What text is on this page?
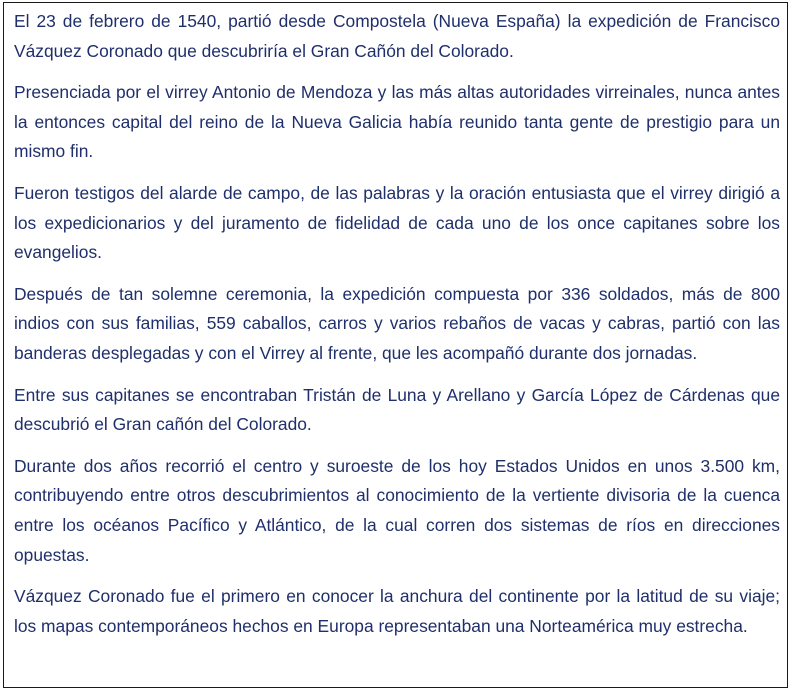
El 23 de febrero de 1540, partió desde Compostela (Nueva España) la expedición de Francisco Vázquez Coronado que descubriría el Gran Cañón del Colorado.

Presenciada por el virrey Antonio de Mendoza y las más altas autoridades virreinales, nunca antes la entonces capital del reino de la Nueva Galicia había reunido tanta gente de prestigio para un mismo fin.

Fueron testigos del alarde de campo, de las palabras y la oración entusiasta que el virrey dirigió a los expedicionarios y del juramento de fidelidad de cada uno de los once capitanes sobre los evangelios.

Después de tan solemne ceremonia, la expedición compuesta por 336 soldados, más de 800 indios con sus familias, 559 caballos, carros y varios rebaños de vacas y cabras, partió con las banderas desplegadas y con el Virrey al frente, que les acompañó durante dos jornadas.

Entre sus capitanes se encontraban Tristán de Luna y Arellano y García López de Cárdenas que descubrió el Gran cañón del Colorado.

Durante dos años recorrió el centro y suroeste de los hoy Estados Unidos en unos 3.500 km, contribuyendo entre otros descubrimientos al conocimiento de la vertiente divisoria de la cuenca entre los océanos Pacífico y Atlántico, de la cual corren dos sistemas de ríos en direcciones opuestas.

Vázquez Coronado fue el primero en conocer la anchura del continente por la latitud de su viaje; los mapas contemporáneos hechos en Europa representaban una Norteamérica muy estrecha.
